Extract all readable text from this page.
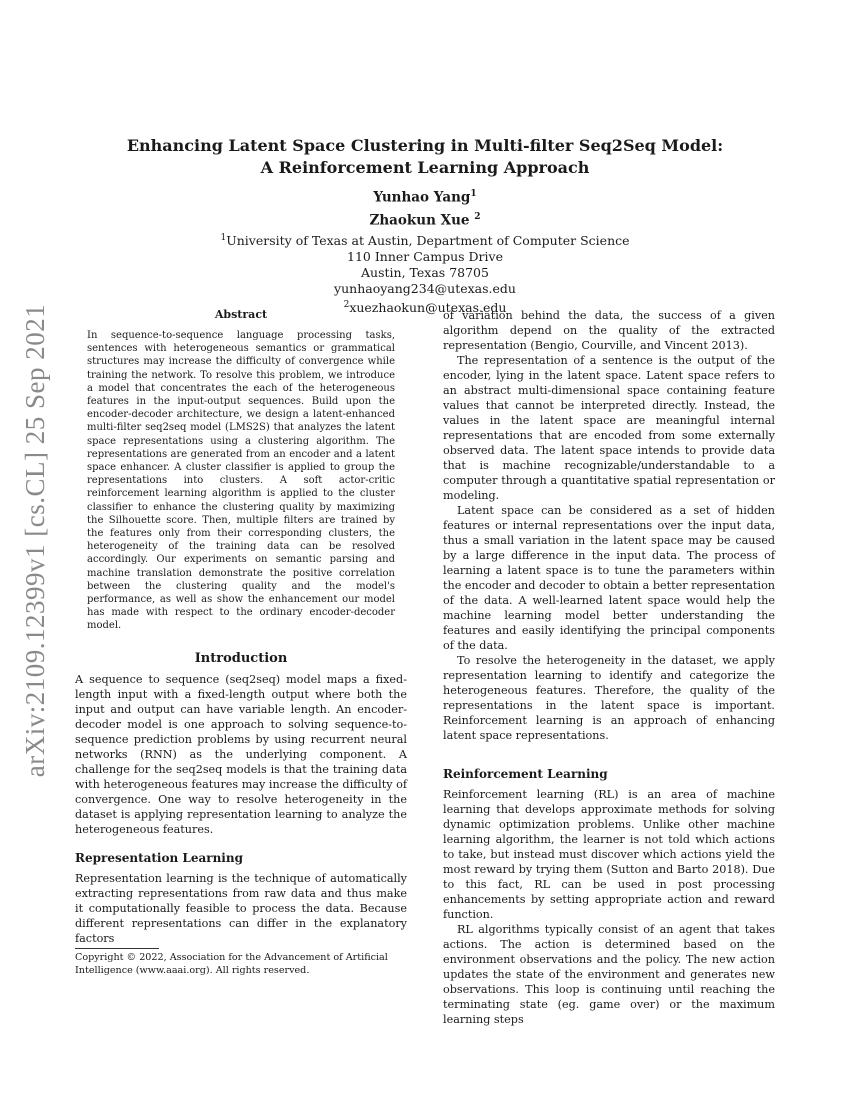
arXiv:2109.12399v1 [cs.CL] 25 Sep 2021
Enhancing Latent Space Clustering in Multi-filter Seq2Seq Model:
A Reinforcement Learning Approach
Yunhao Yang$^1$
Zhaokun Xue $^2$
$^1$University of Texas at Austin, Department of Computer Science
110 Inner Campus Drive
Austin, Texas 78705
yunhaoyang234@utexas.edu
$^2$xuezhaokun@utexas.edu
Abstract

In sequence-to-sequence language processing tasks, sentences with heterogeneous semantics or grammatical structures may increase the difficulty of convergence while training the network. To resolve this problem, we introduce a model that concentrates the each of the heterogeneous features in the input-output sequences. Build upon the encoder-decoder architecture, we design a latent-enhanced multi-filter seq2seq model (LMS2S) that analyzes the latent space representations using a clustering algorithm. The representations are generated from an encoder and a latent space enhancer. A cluster classifier is applied to group the representations into clusters. A soft actor-critic reinforcement learning algorithm is applied to the cluster classifier to enhance the clustering quality by maximizing the Silhouette score. Then, multiple filters are trained by the features only from their corresponding clusters, the heterogeneity of the training data can be resolved accordingly. Our experiments on semantic parsing and machine translation demonstrate the positive correlation between the clustering quality and the model's performance, as well as show the enhancement our model has made with respect to the ordinary encoder-decoder model.

Introduction

A sequence to sequence (seq2seq) model maps a fixed-length input with a fixed-length output where both the input and output can have variable length. An encoder-decoder model is one approach to solving sequence-to-sequence prediction problems by using recurrent neural networks (RNN) as the underlying component. A challenge for the seq2seq models is that the training data with heterogeneous features may increase the difficulty of convergence. One way to resolve heterogeneity in the dataset is applying representation learning to analyze the heterogeneous features.

Representation Learning

Representation learning is the technique of automatically extracting representations from raw data and thus make it computationally feasible to process the data. Because different representations can differ in the explanatory factors

Copyright © 2022, Association for the Advancement of Artificial Intelligence (www.aaai.org). All rights reserved.

of variation behind the data, the success of a given algorithm depend on the quality of the extracted representation (Bengio, Courville, and Vincent 2013).

The representation of a sentence is the output of the encoder, lying in the latent space. Latent space refers to an abstract multi-dimensional space containing feature values that cannot be interpreted directly. Instead, the values in the latent space are meaningful internal representations that are encoded from some externally observed data. The latent space intends to provide data that is machine recognizable/understandable to a computer through a quantitative spatial representation or modeling.

Latent space can be considered as a set of hidden features or internal representations over the input data, thus a small variation in the latent space may be caused by a large difference in the input data. The process of learning a latent space is to tune the parameters within the encoder and decoder to obtain a better representation of the data. A well-learned latent space would help the machine learning model better understanding the features and easily identifying the principal components of the data.

To resolve the heterogeneity in the dataset, we apply representation learning to identify and categorize the heterogeneous features. Therefore, the quality of the representations in the latent space is important. Reinforcement learning is an approach of enhancing latent space representations.

Reinforcement Learning

Reinforcement learning (RL) is an area of machine learning that develops approximate methods for solving dynamic optimization problems. Unlike other machine learning algorithm, the learner is not told which actions to take, but instead must discover which actions yield the most reward by trying them (Sutton and Barto 2018). Due to this fact, RL can be used in post processing enhancements by setting appropriate action and reward function.

RL algorithms typically consist of an agent that takes actions. The action is determined based on the environment observations and the policy. The new action updates the state of the environment and generates new observations. This loop is continuing until reaching the terminating state (eg. game over) or the maximum learning steps
